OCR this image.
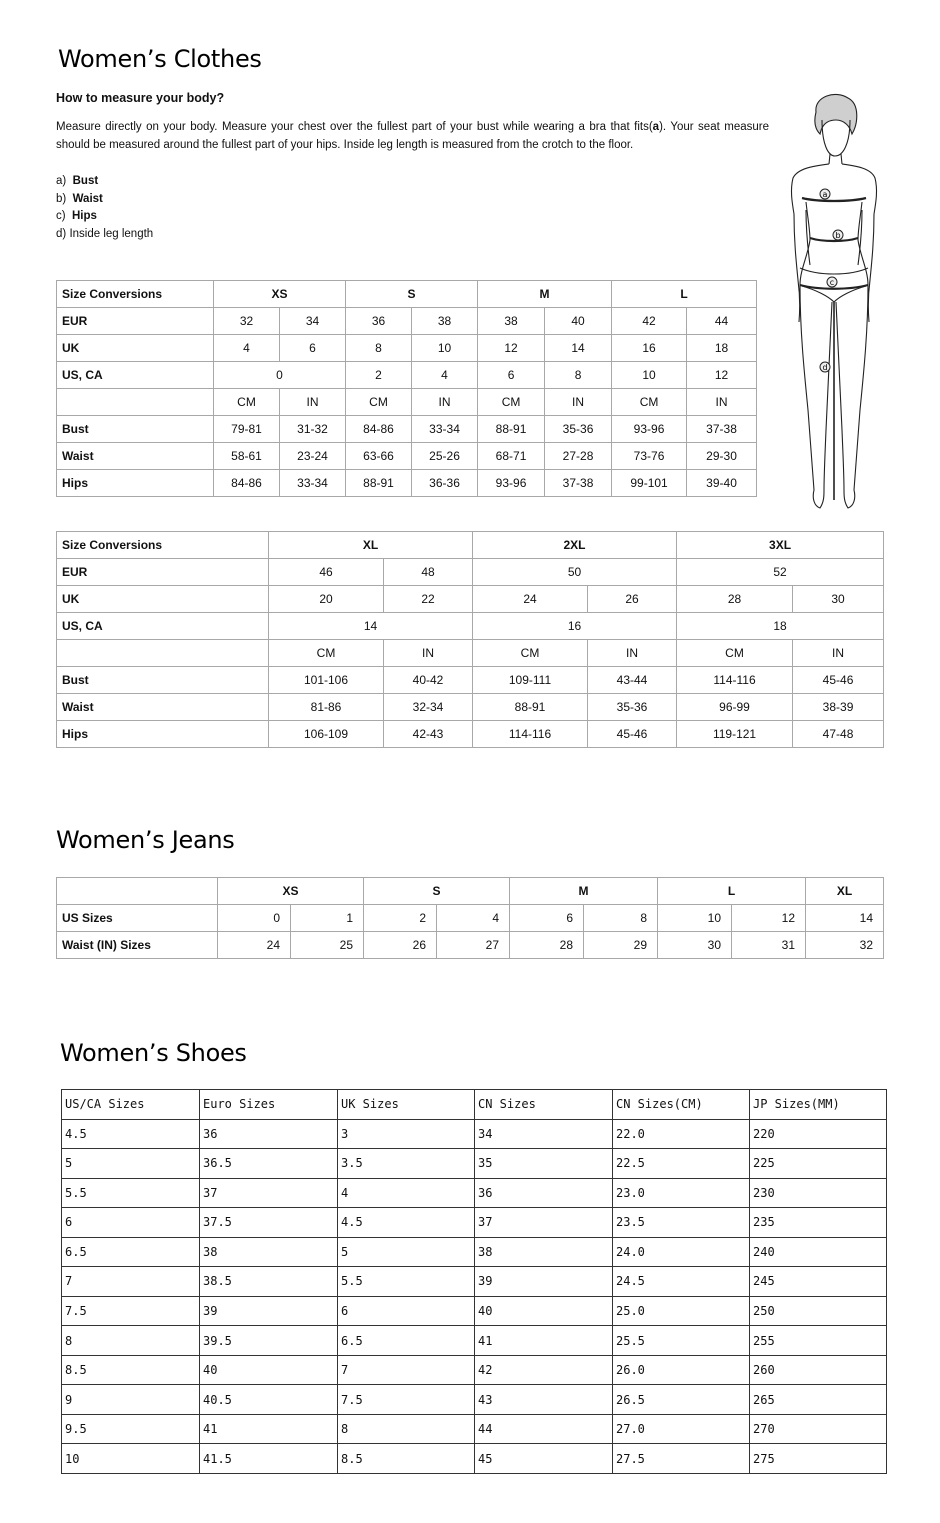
Women’s Clothes
How to measure your body?
Measure directly on your body. Measure your chest over the fullest part of your bust while wearing a bra that fits(a). Your seat measure should be measured around the fullest part of your hips. Inside leg length is measured from the crotch to the floor.
a) Bust
b) Waist
c) Hips
d) Inside leg length
a
b
c
d
Size Conversions	XS		S		M		L	
EUR	32	34	36	38	38	40	42	44
UK	4	6	8	10	12	14	16	18
US, CA	0		2	4	6	8	10	12
	CM	IN	CM	IN	CM	IN	CM	IN
Bust	79-81	31-32	84-86	33-34	88-91	35-36	93-96	37-38
Waist	58-61	23-24	63-66	25-26	68-71	27-28	73-76	29-30
Hips	84-86	33-34	88-91	36-36	93-96	37-38	99-101	39-40
Size Conversions	XL		2XL		3XL	
EUR	46	48	50		52	
UK	20	22	24	26	28	30
US, CA	14		16		18	
	CM	IN	CM	IN	CM	IN
Bust	101-106	40-42	109-111	43-44	114-116	45-46
Waist	81-86	32-34	88-91	35-36	96-99	38-39
Hips	106-109	42-43	114-116	45-46	119-121	47-48
Women’s Jeans
	XS		S		M		L		XL
US Sizes	0	1	2	4	6	8	10	12	14
Waist (IN) Sizes	24	25	26	27	28	29	30	31	32
Women’s Shoes
US/CA Sizes	Euro Sizes	UK Sizes	CN Sizes	CN Sizes(CM)	JP Sizes(MM)
4.5	36	3	34	22.0	220
5	36.5	3.5	35	22.5	225
5.5	37	4	36	23.0	230
6	37.5	4.5	37	23.5	235
6.5	38	5	38	24.0	240
7	38.5	5.5	39	24.5	245
7.5	39	6	40	25.0	250
8	39.5	6.5	41	25.5	255
8.5	40	7	42	26.0	260
9	40.5	7.5	43	26.5	265
9.5	41	8	44	27.0	270
10	41.5	8.5	45	27.5	275
